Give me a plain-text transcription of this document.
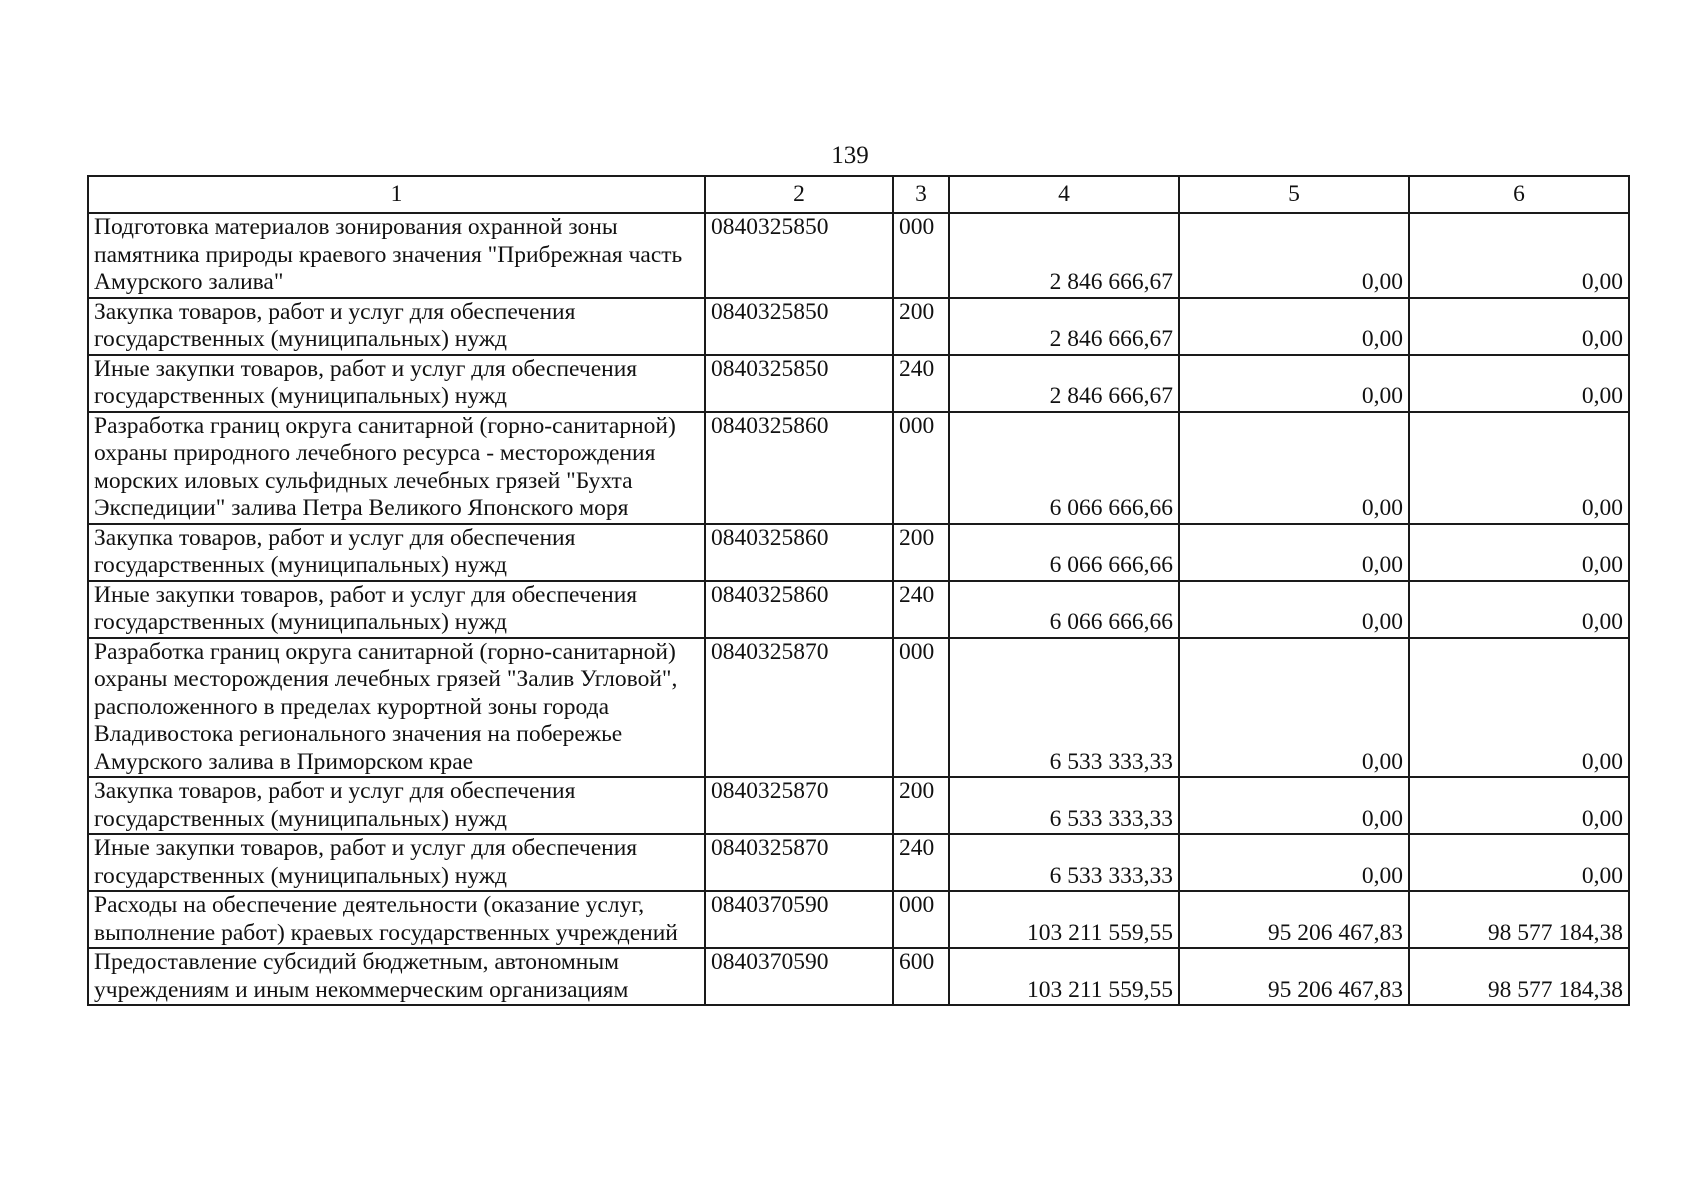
139
1	2	3	4	5	6
Подготовка материалов зонирования охранной зоны памятника природы краевого значения "Прибрежная часть Амурского залива"	0840325850	000	2 846 666,67	0,00	0,00
Закупка товаров, работ и услуг для обеспечения государственных (муниципальных) нужд	0840325850	200	2 846 666,67	0,00	0,00
Иные закупки товаров, работ и услуг для обеспечения государственных (муниципальных) нужд	0840325850	240	2 846 666,67	0,00	0,00
Разработка границ округа санитарной (горно-санитарной) охраны природного лечебного ресурса - месторождения морских иловых сульфидных лечебных грязей "Бухта Экспедиции" залива Петра Великого Японского моря	0840325860	000	6 066 666,66	0,00	0,00
Закупка товаров, работ и услуг для обеспечения государственных (муниципальных) нужд	0840325860	200	6 066 666,66	0,00	0,00
Иные закупки товаров, работ и услуг для обеспечения государственных (муниципальных) нужд	0840325860	240	6 066 666,66	0,00	0,00
Разработка границ округа санитарной (горно-санитарной) охраны месторождения лечебных грязей "Залив Угловой", расположенного в пределах курортной зоны города Владивостока регионального значения на побережье Амурского залива в Приморском крае	0840325870	000	6 533 333,33	0,00	0,00
Закупка товаров, работ и услуг для обеспечения государственных (муниципальных) нужд	0840325870	200	6 533 333,33	0,00	0,00
Иные закупки товаров, работ и услуг для обеспечения государственных (муниципальных) нужд	0840325870	240	6 533 333,33	0,00	0,00
Расходы на обеспечение деятельности (оказание услуг, выполнение работ) краевых государственных учреждений	0840370590	000	103 211 559,55	95 206 467,83	98 577 184,38
Предоставление субсидий бюджетным, автономным учреждениям и иным некоммерческим организациям	0840370590	600	103 211 559,55	95 206 467,83	98 577 184,38
